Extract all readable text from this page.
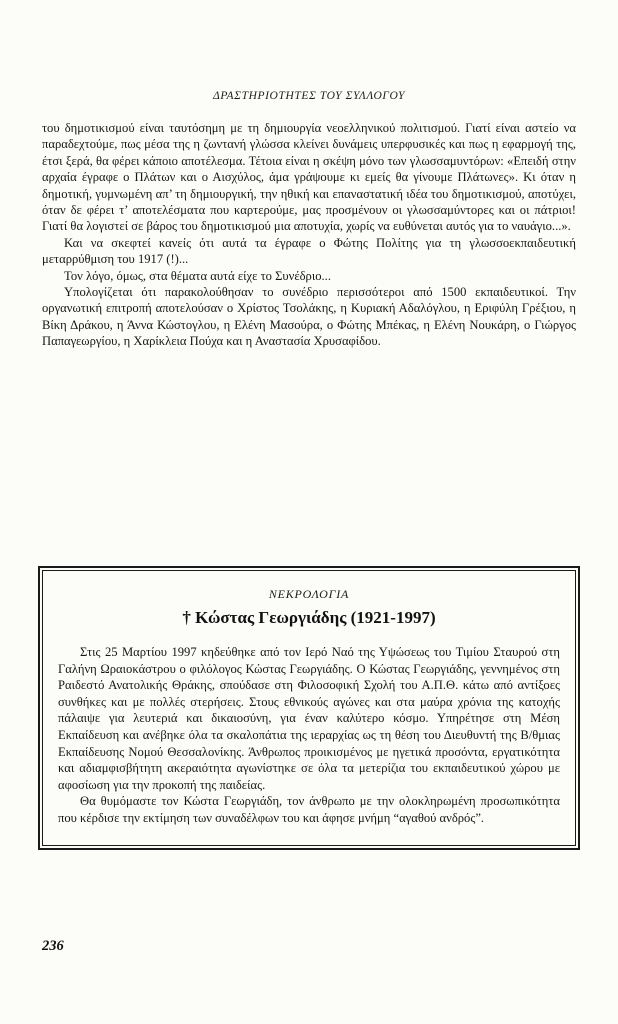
ΔΡΑΣΤΗΡΙΟΤΗΤΕΣ ΤΟΥ ΣΥΛΛΟΓΟΥ

του δημοτικισμού είναι ταυτόσημη με τη δημιουργία νεοελληνικού πολιτισμού. Γιατί είναι αστείο να παραδεχτούμε, πως μέσα της η ζωντανή γλώσσα κλείνει δυνάμεις υπερφυσικές και πως η εφαρμογή της, έτσι ξερά, θα φέρει κάποιο αποτέλεσμα. Τέτοια είναι η σκέψη μόνο των γλωσσαμυντόρων: «Επειδή στην αρχαία έγραφε ο Πλάτων και ο Αισχύλος, άμα γράψουμε κι εμείς θα γίνουμε Πλάτωνες». Κι όταν η δημοτική, γυμνωμένη απ’ τη δημιουργική, την ηθική και επαναστατική ιδέα του δημοτικισμού, αποτύχει, όταν δε φέρει τ’ αποτελέσματα που καρτερούμε, μας προσμένουν οι γλωσσαμύντορες και οι πάτριοι! Γιατί θα λογιστεί σε βάρος του δημοτικισμού μια αποτυχία, χωρίς να ευθύνεται αυτός για το ναυάγιο...».

Και να σκεφτεί κανείς ότι αυτά τα έγραφε ο Φώτης Πολίτης για τη γλωσσοεκπαιδευτική μεταρρύθμιση του 1917 (!)...

Τον λόγο, όμως, στα θέματα αυτά είχε το Συνέδριο...

Υπολογίζεται ότι παρακολούθησαν το συνέδριο περισσότεροι από 1500 εκπαιδευτικοί. Την οργανωτική επιτροπή αποτελούσαν ο Χρίστος Τσολάκης, η Κυριακή Αδαλόγλου, η Εριφύλη Γρέξιου, η Βίκη Δράκου, η Άννα Κώστογλου, η Ελένη Μασούρα, ο Φώτης Μπέκας, η Ελένη Νουκάρη, ο Γιώργος Παπαγεωργίου, η Χαρίκλεια Πούχα και η Αναστασία Χρυσαφίδου.

ΝΕΚΡΟΛΟΓΙΑ
† Κώστας Γεωργιάδης (1921-1997)

Στις 25 Μαρτίου 1997 κηδεύθηκε από τον Ιερό Ναό της Υψώσεως του Τιμίου Σταυρού στη Γαλήνη Ωραιοκάστρου ο φιλόλογος Κώστας Γεωργιάδης. Ο Κώστας Γεωργιάδης, γεννημένος στη Ραιδεστό Ανατολικής Θράκης, σπούδασε στη Φιλοσοφική Σχολή του Α.Π.Θ. κάτω από αντίξοες συνθήκες και με πολλές στερήσεις. Στους εθνικούς αγώνες και στα μαύρα χρόνια της κατοχής πάλαιψε για λευτεριά και δικαιοσύνη, για έναν καλύτερο κόσμο. Υπηρέτησε στη Μέση Εκπαίδευση και ανέβηκε όλα τα σκαλοπάτια της ιεραρχίας ως τη θέση του Διευθυντή της Β/θμιας Εκπαίδευσης Νομού Θεσσαλονίκης. Άνθρωπος προικισμένος με ηγετικά προσόντα, εργατικότητα και αδιαμφισβήτητη ακεραιότητα αγωνίστηκε σε όλα τα μετερίζια του εκπαιδευτικού χώρου με αφοσίωση για την προκοπή της παιδείας.

Θα θυμόμαστε τον Κώστα Γεωργιάδη, τον άνθρωπο με την ολοκληρωμένη προσωπικότητα που κέρδισε την εκτίμηση των συναδέλφων του και άφησε μνήμη “αγαθού ανδρός”.

236
